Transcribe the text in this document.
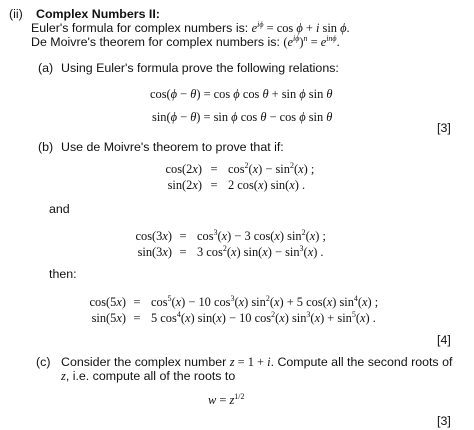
(ii) Complex Numbers II:
Euler's formula for complex numbers is: $e^{i\phi} = \cos \phi + i$ sin ϕ.
De Moivre's theorem for complex numbers is: $(e^{i\phi})^n = e^{in\phi}$.
(a) Using Euler's formula prove the following relations:
cos(ϕ − θ) = cos ϕ cos θ + sin ϕ sin θ
sin(ϕ − θ) = sin ϕ cos θ − cos ϕ sin θ
[3]
(b) Use de Moivre's theorem to prove that if:
$\cos(2x) = \cos^2(x) - \sin^2(x)$ ;
sin(2x) = 2 cos(x) sin(x) .
and
$\cos(3x) = \cos^3(x) - 3$ cos(x) $\sin^2(x)$ ;
sin(3x) = 3 $\cos^2(x) \sin(x) - \sin^3(x)$ .
then:
$\cos(5x) = \cos^5(x) - 10$ $\cos^3(x) \sin^2(x) + 5$ cos(x) $\sin^4(x)$ ;
sin(5x) = 5 $\cos^4(x) \sin(x) - 10$ $\cos^2(x) \sin^3(x) + \sin^5(x)$ .
[4]
(c) Consider the complex number z = 1 + i. Compute all the second roots of
z, i.e. compute all of the roots to
$w = z^{1/2}$
[3]
